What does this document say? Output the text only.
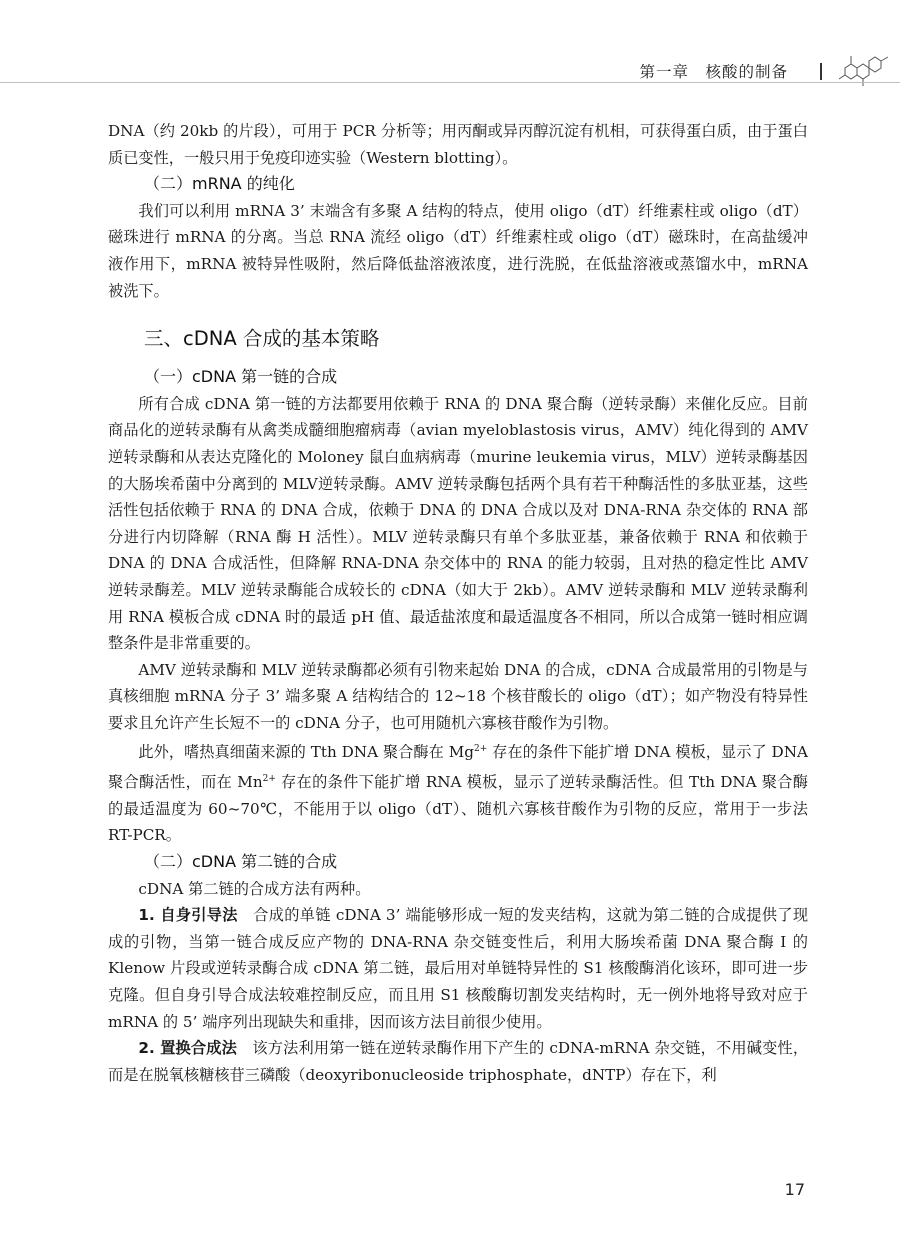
第一章　核酸的制备

DNA（约 20kb 的片段），可用于 PCR 分析等；用丙酮或异丙醇沉淀有机相，可获得蛋白质，由于蛋白质已变性，一般只用于免疫印迹实验（Western blotting）。

（二）mRNA 的纯化

我们可以利用 mRNA 3’ 末端含有多聚 A 结构的特点，使用 oligo（dT）纤维素柱或 oligo（dT）磁珠进行 mRNA 的分离。当总 RNA 流经 oligo（dT）纤维素柱或 oligo（dT）磁珠时，在高盐缓冲液作用下，mRNA 被特异性吸附，然后降低盐溶液浓度，进行洗脱，在低盐溶液或蒸馏水中，mRNA 被洗下。

三、cDNA 合成的基本策略

（一）cDNA 第一链的合成

所有合成 cDNA 第一链的方法都要用依赖于 RNA 的 DNA 聚合酶（逆转录酶）来催化反应。目前商品化的逆转录酶有从禽类成髓细胞瘤病毒（avian myeloblastosis virus，AMV）纯化得到的 AMV 逆转录酶和从表达克隆化的 Moloney 鼠白血病病毒（murine leukemia virus，MLV）逆转录酶基因的大肠埃希菌中分离到的 MLV逆转录酶。AMV 逆转录酶包括两个具有若干种酶活性的多肽亚基，这些活性包括依赖于 RNA 的 DNA 合成，依赖于 DNA 的 DNA 合成以及对 DNA-RNA 杂交体的 RNA 部分进行内切降解（RNA 酶 H 活性）。MLV 逆转录酶只有单个多肽亚基，兼备依赖于 RNA 和依赖于 DNA 的 DNA 合成活性，但降解 RNA-DNA 杂交体中的 RNA 的能力较弱，且对热的稳定性比 AMV 逆转录酶差。MLV 逆转录酶能合成较长的 cDNA（如大于 2kb）。AMV 逆转录酶和 MLV 逆转录酶利用 RNA 模板合成 cDNA 时的最适 pH 值、最适盐浓度和最适温度各不相同，所以合成第一链时相应调整条件是非常重要的。

AMV 逆转录酶和 MLV 逆转录酶都必须有引物来起始 DNA 的合成，cDNA 合成最常用的引物是与真核细胞 mRNA 分子 3’ 端多聚 A 结构结合的 12~18 个核苷酸长的 oligo（dT）；如产物没有特异性要求且允许产生长短不一的 cDNA 分子，也可用随机六寡核苷酸作为引物。

此外，嗜热真细菌来源的 Tth DNA 聚合酶在 $Mg^{2+}$ 存在的条件下能扩增 DNA 模板，显示了 DNA 聚合酶活性，而在 $Mn^{2+}$ 存在的条件下能扩增 RNA 模板，显示了逆转录酶活性。但 Tth DNA 聚合酶的最适温度为 60~70℃，不能用于以 oligo（dT）、随机六寡核苷酸作为引物的反应，常用于一步法 RT-PCR。

（二）cDNA 第二链的合成

cDNA 第二链的合成方法有两种。

1. 自身引导法　合成的单链 cDNA 3’ 端能够形成一短的发夹结构，这就为第二链的合成提供了现成的引物，当第一链合成反应产物的 DNA-RNA 杂交链变性后，利用大肠埃希菌 DNA 聚合酶 Ⅰ 的 Klenow 片段或逆转录酶合成 cDNA 第二链，最后用对单链特异性的 S1 核酸酶消化该环，即可进一步克隆。但自身引导合成法较难控制反应，而且用 S1 核酸酶切割发夹结构时，无一例外地将导致对应于 mRNA 的 5’ 端序列出现缺失和重排，因而该方法目前很少使用。

2. 置换合成法　该方法利用第一链在逆转录酶作用下产生的 cDNA-mRNA 杂交链，不用碱变性，而是在脱氧核糖核苷三磷酸（deoxyribonucleoside triphosphate，dNTP）存在下，利

17
